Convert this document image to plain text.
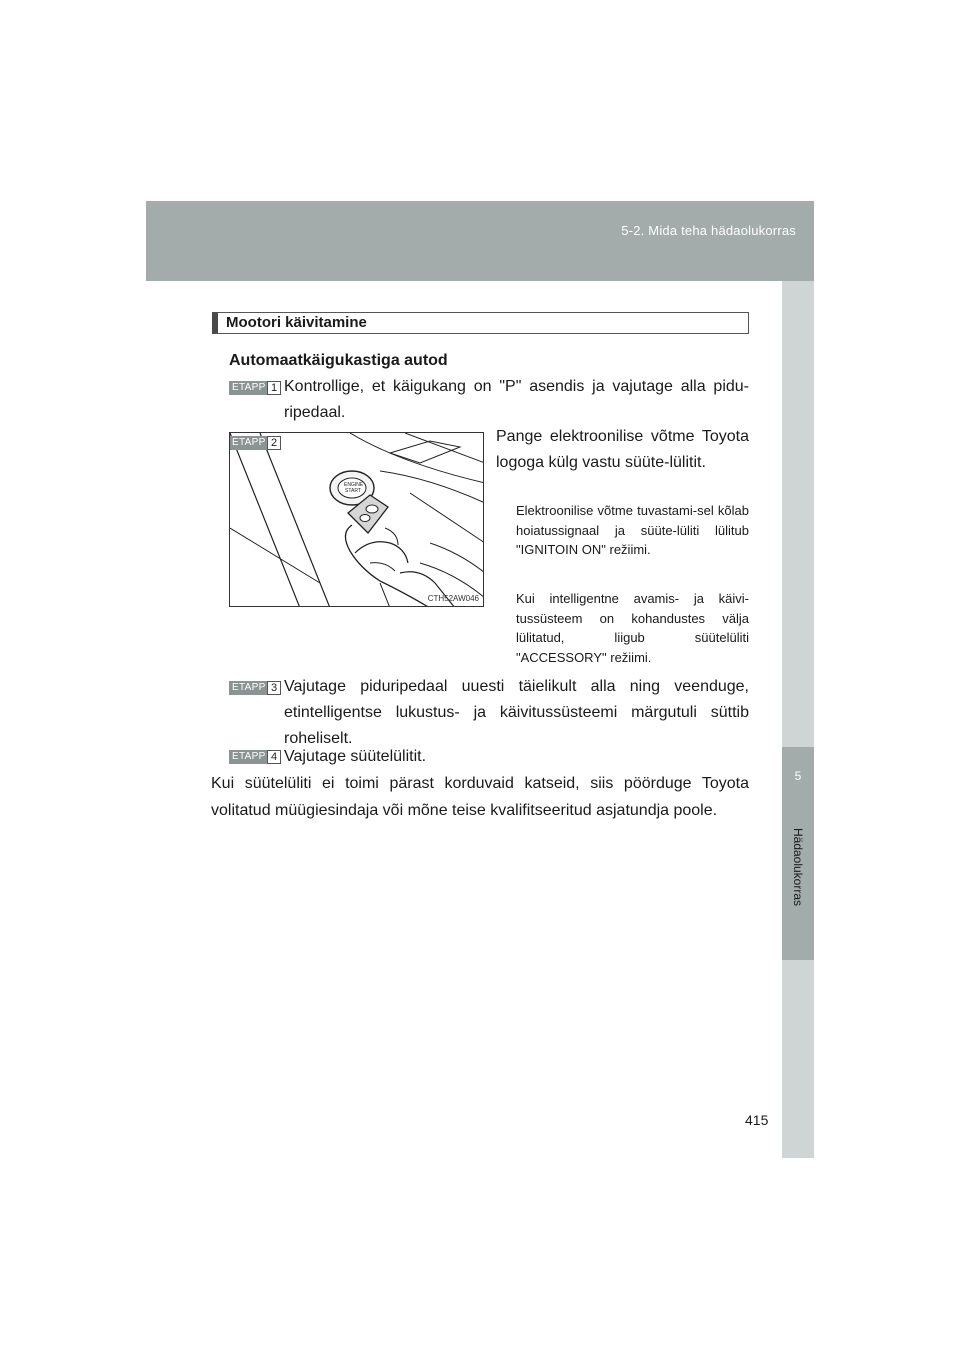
5-2. Mida teha hädaolukorras
5
Hädaolukorras
Mootori käivitamine
Automaatkäigukastiga autod
ETAPP 1 Kontrollige, et käigukang on "P" asendis ja vajutage alla pidu-ripedaal.
ENGINE
START
ETAPP 2
CTH52AW046
Pange elektroonilise võtme Toyota logoga külg vastu süüte-lülitit.
Elektroonilise võtme tuvastami-sel kõlab hoiatussignaal ja süüte-lüliti lülitub "IGNITOIN ON" režiimi.
Kui intelligentne avamis- ja käivi-tussüsteem on kohandustes välja lülitatud, liigub süütelüliti "ACCESSORY" režiimi.
ETAPP 3 Vajutage piduripedaal uuesti täielikult alla ning veenduge, etintelligentse lukustus- ja käivitussüsteemi märgutuli süttib roheliselt.
ETAPP 4 Vajutage süütelülitit.
Kui süütelüliti ei toimi pärast korduvaid katseid, siis pöörduge Toyota volitatud müügiesindaja või mõne teise kvalifitseeritud asjatundja poole.
415
